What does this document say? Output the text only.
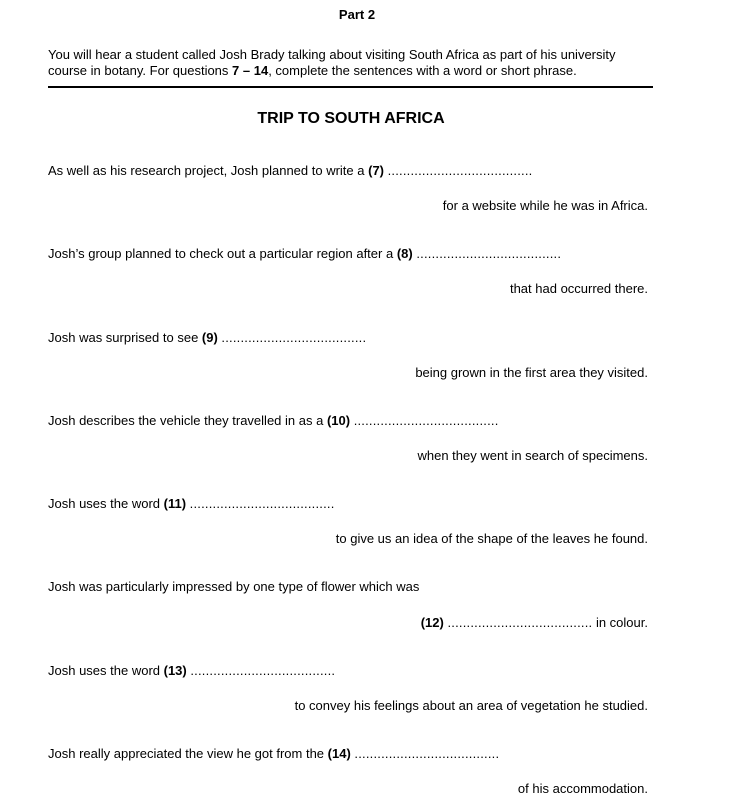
Part 2
You will hear a student called Josh Brady talking about visiting South Africa as part of his university
course in botany. For questions 7 – 14, complete the sentences with a word or short phrase.
TRIP TO SOUTH AFRICA
As well as his research project, Josh planned to write a (7) ......................................
for a website while he was in Africa.
Josh’s group planned to check out a particular region after a (8) ......................................
that had occurred there.
Josh was surprised to see (9) ......................................
being grown in the first area they visited.
Josh describes the vehicle they travelled in as a (10) ......................................
when they went in search of specimens.
Josh uses the word (11) ......................................
to give us an idea of the shape of the leaves he found.
Josh was particularly impressed by one type of flower which was
(12) ...................................... in colour.
Josh uses the word (13) ......................................
to convey his feelings about an area of vegetation he studied.
Josh really appreciated the view he got from the (14) ......................................
of his accommodation.
